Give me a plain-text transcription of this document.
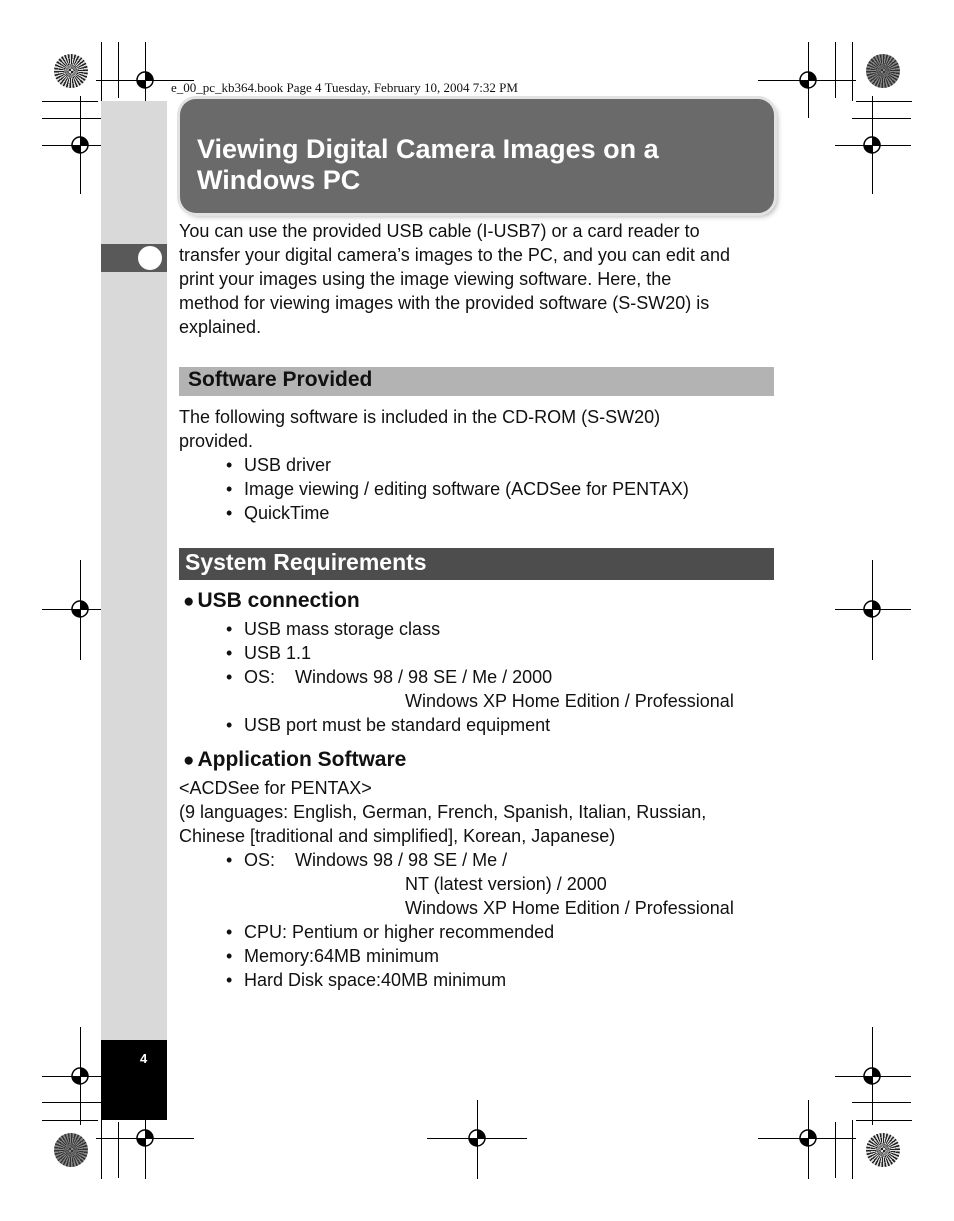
4
e_00_pc_kb364.book Page 4 Tuesday, February 10, 2004 7:32 PM
Viewing Digital Camera Images on a
Windows PC
You can use the provided USB cable (I-USB7) or a card reader to
transfer your digital camera’s images to the PC, and you can edit and
print your images using the image viewing software. Here, the
method for viewing images with the provided software (S-SW20) is
explained.
Software Provided
The following software is included in the CD-ROM (S-SW20)
provided.
• USB driver
• Image viewing / editing software (ACDSee for PENTAX)
• QuickTime
System Requirements
● USB connection
• USB mass storage class
• USB 1.1
• OS:    Windows 98 / 98 SE / Me / 2000
Windows XP Home Edition / Professional
• USB port must be standard equipment
● Application Software
<ACDSee for PENTAX>
(9 languages: English, German, French, Spanish, Italian, Russian,
Chinese [traditional and simplified], Korean, Japanese)
• OS:    Windows 98 / 98 SE / Me /
NT (latest version) / 2000
Windows XP Home Edition / Professional
• CPU: Pentium or higher recommended
• Memory:64MB minimum
• Hard Disk space:40MB minimum
